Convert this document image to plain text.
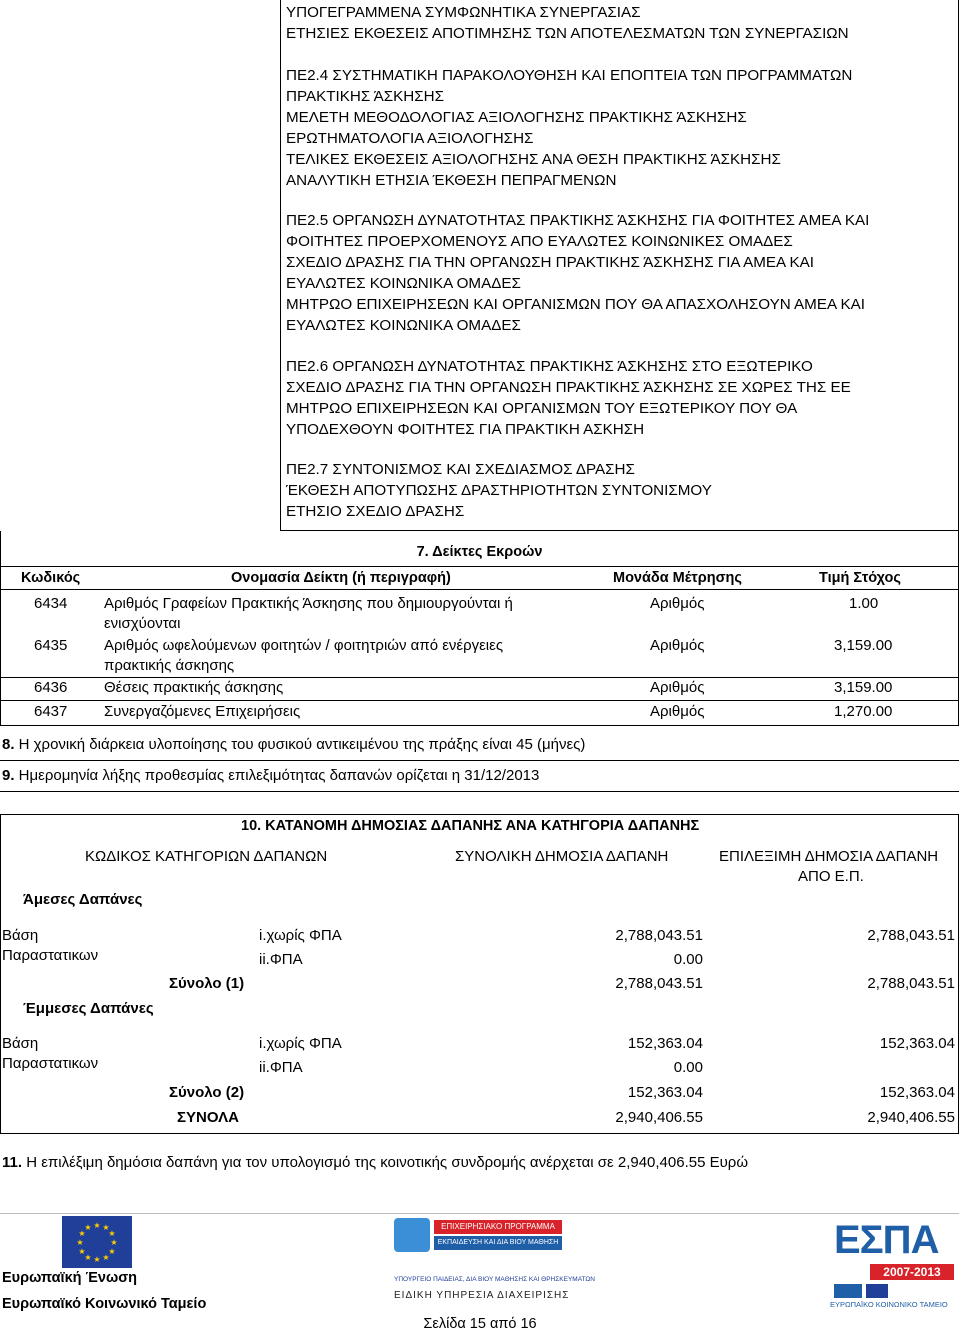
ΥΠΟΓΕΓΡΑΜΜΕΝΑ ΣΥΜΦΩΝΗΤΙΚΑ ΣΥΝΕΡΓΑΣΙΑΣ
ΕΤΗΣΙΕΣ ΕΚΘΕΣΕΙΣ ΑΠΟΤΙΜΗΣΗΣ ΤΩΝ ΑΠΟΤΕΛΕΣΜΑΤΩΝ ΤΩΝ ΣΥΝΕΡΓΑΣΙΩΝ
ΠΕ2.4 ΣΥΣΤΗΜΑΤΙΚΗ ΠΑΡΑΚΟΛΟΥΘΗΣΗ ΚΑΙ ΕΠΟΠΤΕΙΑ ΤΩΝ ΠΡΟΓΡΑΜΜΑΤΩΝ
ΠΡΑΚΤΙΚΗΣ ΆΣΚΗΣΗΣ
ΜΕΛΕΤΗ ΜΕΘΟΔΟΛΟΓΙΑΣ ΑΞΙΟΛΟΓΗΣΗΣ ΠΡΑΚΤΙΚΗΣ ΆΣΚΗΣΗΣ
ΕΡΩΤΗΜΑΤΟΛΟΓΙΑ ΑΞΙΟΛΟΓΗΣΗΣ
ΤΕΛΙΚΕΣ ΕΚΘΕΣΕΙΣ ΑΞΙΟΛΟΓΗΣΗΣ ΑΝΑ ΘΕΣΗ ΠΡΑΚΤΙΚΗΣ ΆΣΚΗΣΗΣ
ΑΝΑΛΥΤΙΚΗ ΕΤΗΣΙΑ ΈΚΘΕΣΗ ΠΕΠΡΑΓΜΕΝΩΝ
ΠΕ2.5 ΟΡΓΑΝΩΣΗ ΔΥΝΑΤΟΤΗΤΑΣ ΠΡΑΚΤΙΚΗΣ ΆΣΚΗΣΗΣ ΓΙΑ ΦΟΙΤΗΤΕΣ ΑΜΕΑ ΚΑΙ
ΦΟΙΤΗΤΕΣ ΠΡΟΕΡΧΟΜΕΝΟΥΣ ΑΠΟ ΕΥΑΛΩΤΕΣ ΚΟΙΝΩΝΙΚΕΣ ΟΜΑΔΕΣ
ΣΧΕΔΙΟ ΔΡΑΣΗΣ ΓΙΑ ΤΗΝ ΟΡΓΑΝΩΣΗ ΠΡΑΚΤΙΚΗΣ ΆΣΚΗΣΗΣ ΓΙΑ ΑΜΕΑ ΚΑΙ
ΕΥΑΛΩΤΕΣ ΚΟΙΝΩΝΙΚΑ ΟΜΑΔΕΣ
ΜΗΤΡΩΟ ΕΠΙΧΕΙΡΗΣΕΩΝ ΚΑΙ ΟΡΓΑΝΙΣΜΩΝ ΠΟΥ ΘΑ ΑΠΑΣΧΟΛΗΣΟΥΝ ΑΜΕΑ ΚΑΙ
ΕΥΑΛΩΤΕΣ ΚΟΙΝΩΝΙΚΑ ΟΜΑΔΕΣ
ΠΕ2.6 ΟΡΓΑΝΩΣΗ ΔΥΝΑΤΟΤΗΤΑΣ ΠΡΑΚΤΙΚΗΣ ΆΣΚΗΣΗΣ ΣΤΟ ΕΞΩΤΕΡΙΚΟ
ΣΧΕΔΙΟ ΔΡΑΣΗΣ ΓΙΑ ΤΗΝ ΟΡΓΑΝΩΣΗ ΠΡΑΚΤΙΚΗΣ ΆΣΚΗΣΗΣ ΣΕ ΧΩΡΕΣ ΤΗΣ ΕΕ
ΜΗΤΡΩΟ ΕΠΙΧΕΙΡΗΣΕΩΝ ΚΑΙ ΟΡΓΑΝΙΣΜΩΝ ΤΟΥ ΕΞΩΤΕΡΙΚΟΥ ΠΟΥ ΘΑ
ΥΠΟΔΕΧΘΟΥΝ ΦΟΙΤΗΤΕΣ ΓΙΑ ΠΡΑΚΤΙΚΗ ΑΣΚΗΣΗ
ΠΕ2.7 ΣΥΝΤΟΝΙΣΜΟΣ ΚΑΙ ΣΧΕΔΙΑΣΜΟΣ ΔΡΑΣΗΣ
ΈΚΘΕΣΗ ΑΠΟΤΥΠΩΣΗΣ ΔΡΑΣΤΗΡΙΟΤΗΤΩΝ ΣΥΝΤΟΝΙΣΜΟΥ
ΕΤΗΣΙΟ ΣΧΕΔΙΟ ΔΡΑΣΗΣ
7. Δείκτες Εκροών
Κωδικός	Ονομασία Δείκτη (ή περιγραφή)	Μονάδα Μέτρησης	Τιμή Στόχος
6434 Αριθμός Γραφείων Πρακτικής Άσκησης που δημιουργούνται ή
ενισχύονται
Αριθμός	1.00
6435 Αριθμός ωφελούμενων φοιτητών / φοιτητριών από ενέργειες
πρακτικής άσκησης
Αριθμός	3,159.00
6436 Θέσεις πρακτικής άσκησης	Αριθμός	3,159.00
6437 Συνεργαζόμενες Επιχειρήσεις	Αριθμός	1,270.00
8. Η χρονική διάρκεια υλοποίησης του φυσικού αντικειμένου της πράξης είναι 45 (μήνες)
9. Ημερομηνία λήξης προθεσμίας επιλεξιμότητας δαπανών ορίζεται η 31/12/2013
10. ΚΑΤΑΝΟΜΗ ΔΗΜΟΣΙΑΣ ΔΑΠΑΝΗΣ ΑΝΑ ΚΑΤΗΓΟΡΙΑ ΔΑΠΑΝΗΣ
ΚΩΔΙΚΟΣ ΚΑΤΗΓΟΡΙΩΝ ΔΑΠΑΝΩΝ	ΣΥΝΟΛΙΚΗ ΔΗΜΟΣΙΑ ΔΑΠΑΝΗ	ΕΠΙΛΕΞΙΜΗ ΔΗΜΟΣΙΑ ΔΑΠΑΝΗ
ΑΠΟ Ε.Π.
Άμεσες Δαπάνες
Βάση
Παραστατικων
i.χωρίς ΦΠΑ	2,788,043.51	2,788,043.51
ii.ΦΠΑ	0.00
Σύνολο (1)	2,788,043.51	2,788,043.51
Έμμεσες Δαπάνες
Βάση
Παραστατικων
i.χωρίς ΦΠΑ	152,363.04	152,363.04
ii.ΦΠΑ	0.00
Σύνολο (2)	152,363.04	152,363.04
ΣΥΝΟΛΑ	2,940,406.55	2,940,406.55
11. Η επιλέξιμη δημόσια δαπάνη για τον υπολογισμό της κοινοτικής συνδρομής ανέρχεται σε 2,940,406.55 Ευρώ
★ ★
★
★
★
★
★
★
★
★
★
★
Ευρωπαϊκή Ένωση
Ευρωπαϊκό Κοινωνικό Ταμείο
ΕΠΙΧΕΙΡΗΣΙΑΚΟ ΠΡΟΓΡΑΜΜΑ
ΕΚΠΑΙΔΕΥΣΗ ΚΑΙ ΔΙΑ ΒΙΟΥ ΜΑΘΗΣΗ
ΥΠΟΥΡΓΕΙΟ ΠΑΙΔΕΙΑΣ, ΔΙΑ ΒΙΟΥ ΜΑΘΗΣΗΣ ΚΑΙ ΘΡΗΣΚΕΥΜΑΤΩΝ
ΕΙΔΙΚΗ ΥΠΗΡΕΣΙΑ ΔΙΑΧΕΙΡΙΣΗΣ
ΕΣΠΑ
2007-2013
ΕΥΡΩΠΑΪΚΟ ΚΟΙΝΩΝΙΚΟ ΤΑΜΕΙΟ
Σελίδα 15 από 16
